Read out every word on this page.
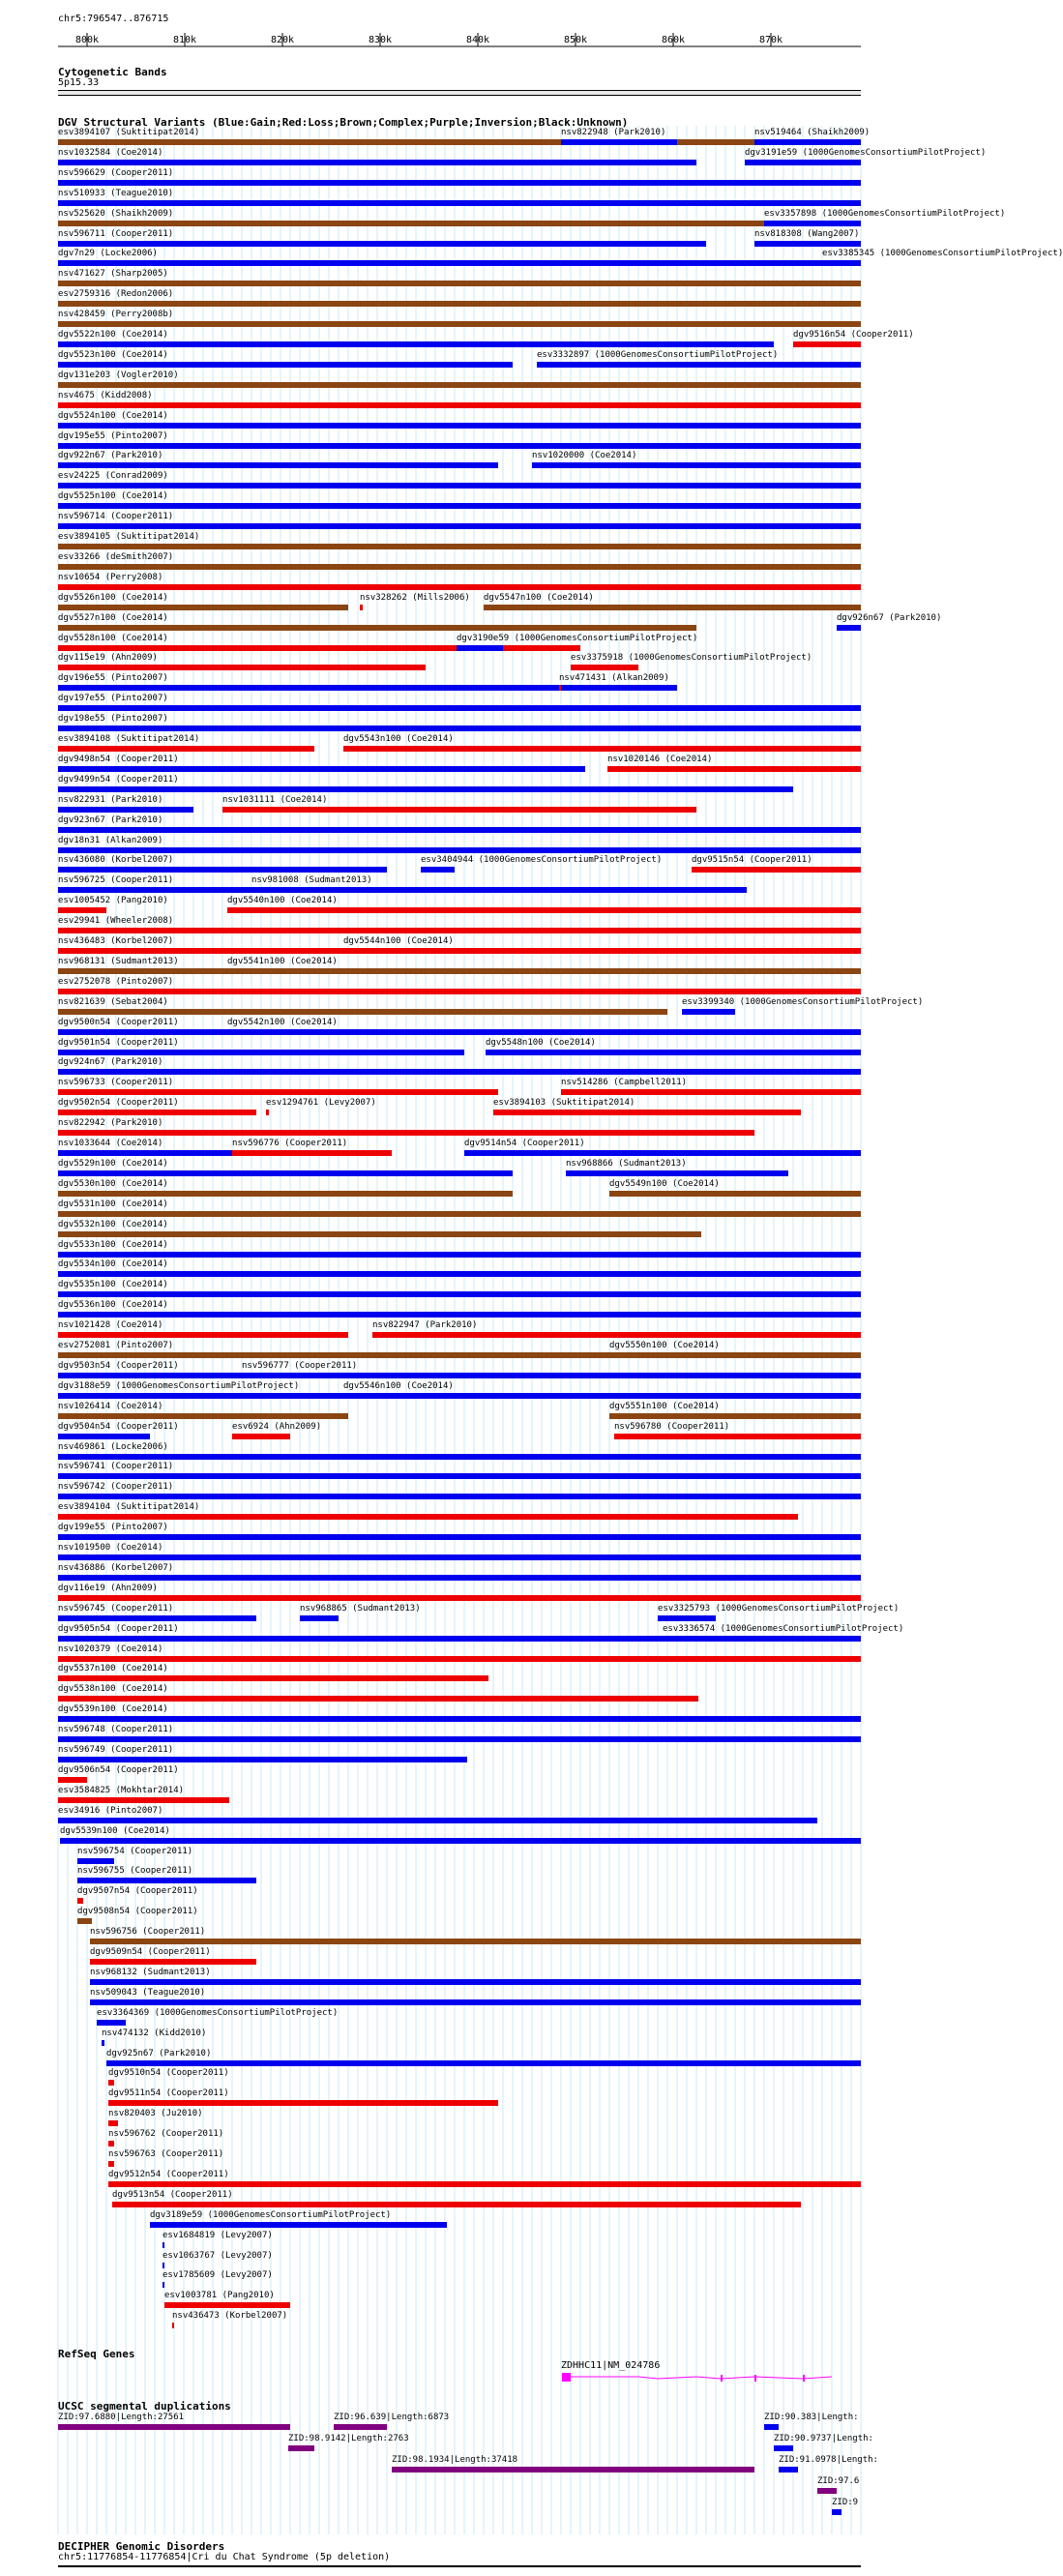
chr5:796547..876715
800k	810k	820k	830k	840k	850k	860k	870k
Cytogenetic Bands
5p15.33
DGV Structural Variants (Blue:Gain;Red:Loss;Brown;Complex;Purple;Inversion;Black:Unknown)
esv3894107 (Suktitipat2014)	nsv822948 (Park2010)	nsv519464 (Shaikh2009)
nsv1032584 (Coe2014)	dgv3191e59 (1000GenomesConsortiumPilotProject)
nsv596629 (Cooper2011)
nsv510933 (Teague2010)
nsv525620 (Shaikh2009)	esv3357898 (1000GenomesConsortiumPilotProject)
nsv596711 (Cooper2011)	nsv818308 (Wang2007)
dgv7n29 (Locke2006)	esv3385345 (1000GenomesConsortiumPilotProject)
nsv471627 (Sharp2005)
esv2759316 (Redon2006)
nsv428459 (Perry2008b)
dgv5522n100 (Coe2014)	dgv9516n54 (Cooper2011)
dgv5523n100 (Coe2014)	esv3332897 (1000GenomesConsortiumPilotProject)
dgv131e203 (Vogler2010)
nsv4675 (Kidd2008)
dgv5524n100 (Coe2014)
dgv195e55 (Pinto2007)
dgv922n67 (Park2010)	nsv1020000 (Coe2014)
esv24225 (Conrad2009)
dgv5525n100 (Coe2014)
nsv596714 (Cooper2011)
esv3894105 (Suktitipat2014)
esv33266 (deSmith2007)
nsv10654 (Perry2008)
dgv5526n100 (Coe2014)	nsv328262 (Mills2006) dgv5547n100 (Coe2014)
dgv5527n100 (Coe2014)	dgv926n67 (Park2010)
dgv5528n100 (Coe2014)	dgv3190e59 (1000GenomesConsortiumPilotProject)
dgv115e19 (Ahn2009)	esv3375918 (1000GenomesConsortiumPilotProject)
dgv196e55 (Pinto2007)	nsv471431 (Alkan2009)
dgv197e55 (Pinto2007)
dgv198e55 (Pinto2007)
esv3894108 (Suktitipat2014)	dgv5543n100 (Coe2014)
dgv9498n54 (Cooper2011)	nsv1020146 (Coe2014)
dgv9499n54 (Cooper2011)
nsv822931 (Park2010)	nsv1031111 (Coe2014)
dgv923n67 (Park2010)
dgv18n31 (Alkan2009)
nsv436080 (Korbel2007)	esv3404944 (1000GenomesConsortiumPilotProject)	dgv9515n54 (Cooper2011)
nsv596725 (Cooper2011)	nsv981008 (Sudmant2013)
esv1005452 (Pang2010)	dgv5540n100 (Coe2014)
esv29941 (Wheeler2008)
nsv436483 (Korbel2007)	dgv5544n100 (Coe2014)
nsv968131 (Sudmant2013)	dgv5541n100 (Coe2014)
esv2752078 (Pinto2007)
nsv821639 (Sebat2004)	esv3399340 (1000GenomesConsortiumPilotProject)
dgv9500n54 (Cooper2011)	dgv5542n100 (Coe2014)
dgv9501n54 (Cooper2011)	dgv5548n100 (Coe2014)
dgv924n67 (Park2010)
nsv596733 (Cooper2011)	nsv514286 (Campbell2011)
dgv9502n54 (Cooper2011)	esv1294761 (Levy2007)	esv3894103 (Suktitipat2014)
nsv822942 (Park2010)
nsv1033644 (Coe2014)	nsv596776 (Cooper2011)	dgv9514n54 (Cooper2011)
dgv5529n100 (Coe2014)	nsv968866 (Sudmant2013)
dgv5530n100 (Coe2014)	dgv5549n100 (Coe2014)
dgv5531n100 (Coe2014)
dgv5532n100 (Coe2014)
dgv5533n100 (Coe2014)
dgv5534n100 (Coe2014)
dgv5535n100 (Coe2014)
dgv5536n100 (Coe2014)
nsv1021428 (Coe2014)	nsv822947 (Park2010)
esv2752081 (Pinto2007)	dgv5550n100 (Coe2014)
dgv9503n54 (Cooper2011)	nsv596777 (Cooper2011)
dgv3188e59 (1000GenomesConsortiumPilotProject)	dgv5546n100 (Coe2014)
nsv1026414 (Coe2014)	dgv5551n100 (Coe2014)
dgv9504n54 (Cooper2011)	esv6924 (Ahn2009)	nsv596780 (Cooper2011)
nsv469861 (Locke2006)
nsv596741 (Cooper2011)
nsv596742 (Cooper2011)
esv3894104 (Suktitipat2014)
dgv199e55 (Pinto2007)
nsv1019500 (Coe2014)
nsv436886 (Korbel2007)
dgv116e19 (Ahn2009)
nsv596745 (Cooper2011)	nsv968865 (Sudmant2013)	esv3325793 (1000GenomesConsortiumPilotProject)
dgv9505n54 (Cooper2011)	esv3336574 (1000GenomesConsortiumPilotProject)
nsv1020379 (Coe2014)
dgv5537n100 (Coe2014)
dgv5538n100 (Coe2014)
dgv5539n100 (Coe2014)
nsv596748 (Cooper2011)
nsv596749 (Cooper2011)
dgv9506n54 (Cooper2011)
esv3584825 (Mokhtar2014)
esv34916 (Pinto2007)
dgv5539n100 (Coe2014)
nsv596754 (Cooper2011)
nsv596755 (Cooper2011)
dgv9507n54 (Cooper2011)
dgv9508n54 (Cooper2011)
nsv596756 (Cooper2011)
dgv9509n54 (Cooper2011)
nsv968132 (Sudmant2013)
nsv509043 (Teague2010)
esv3364369 (1000GenomesConsortiumPilotProject)
nsv474132 (Kidd2010)
dgv925n67 (Park2010)
dgv9510n54 (Cooper2011)
dgv9511n54 (Cooper2011)
nsv820403 (Ju2010)
nsv596762 (Cooper2011)
nsv596763 (Cooper2011)
dgv9512n54 (Cooper2011)
dgv9513n54 (Cooper2011)
dgv3189e59 (1000GenomesConsortiumPilotProject)
esv1684819 (Levy2007)
esv1063767 (Levy2007)
esv1785609 (Levy2007)
esv1003781 (Pang2010)
nsv436473 (Korbel2007)
RefSeq Genes
ZDHHC11|NM_024786
UCSC segmental duplications
ZID:97.6880|Length:27561	ZID:96.639|Length:6873	ZID:90.383|Length:
ZID:98.9142|Length:2763	ZID:90.9737|Length:
ZID:98.1934|Length:37418	ZID:91.0978|Length:
ZID:97.6
ZID:9
DECIPHER Genomic Disorders
chr5:11776854-11776854|Cri du Chat Syndrome (5p deletion)
